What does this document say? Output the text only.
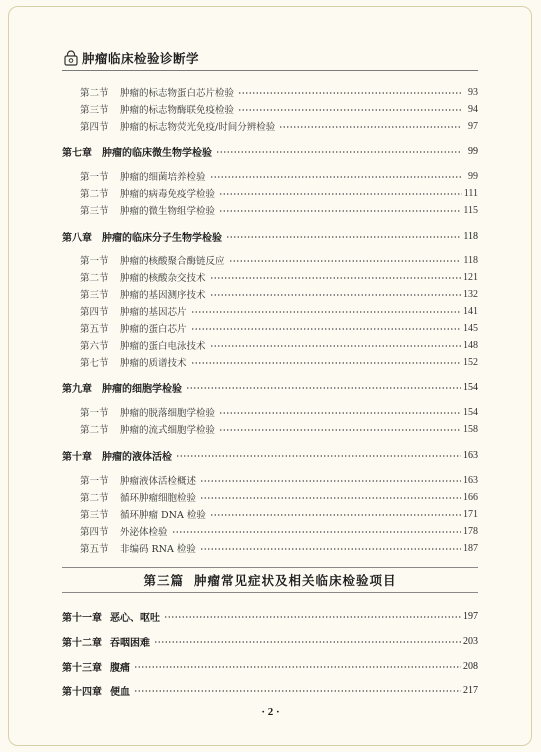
肿瘤临床检验诊断学
第二节	肿瘤的标志物蛋白芯片检验	93
第三节	肿瘤的标志物酶联免疫检验	94
第四节	肿瘤的标志物荧光免疫/时间分辨检验	97
第七章	肿瘤的临床微生物学检验	99
第一节	肿瘤的细菌培养检验	99
第二节	肿瘤的病毒免疫学检验	111
第三节	肿瘤的微生物组学检验	115
第八章	肿瘤的临床分子生物学检验	118
第一节	肿瘤的核酸聚合酶链反应	118
第二节	肿瘤的核酸杂交技术	121
第三节	肿瘤的基因测序技术	132
第四节	肿瘤的基因芯片	141
第五节	肿瘤的蛋白芯片	145
第六节	肿瘤的蛋白电泳技术	148
第七节	肿瘤的质谱技术	152
第九章	肿瘤的细胞学检验	154
第一节	肿瘤的脱落细胞学检验	154
第二节	肿瘤的流式细胞学检验	158
第十章	肿瘤的液体活检	163
第一节	肿瘤液体活检概述	163
第二节	循环肿瘤细胞检验	166
第三节	循环肿瘤 DNA 检验	171
第四节	外泌体检验	178
第五节	非编码 RNA 检验	187
第三篇 肿瘤常见症状及相关临床检验项目
第十一章 恶心、呕吐	197
第十二章 吞咽困难	203
第十三章 腹痛	208
第十四章 便血	217
· 2 ·
